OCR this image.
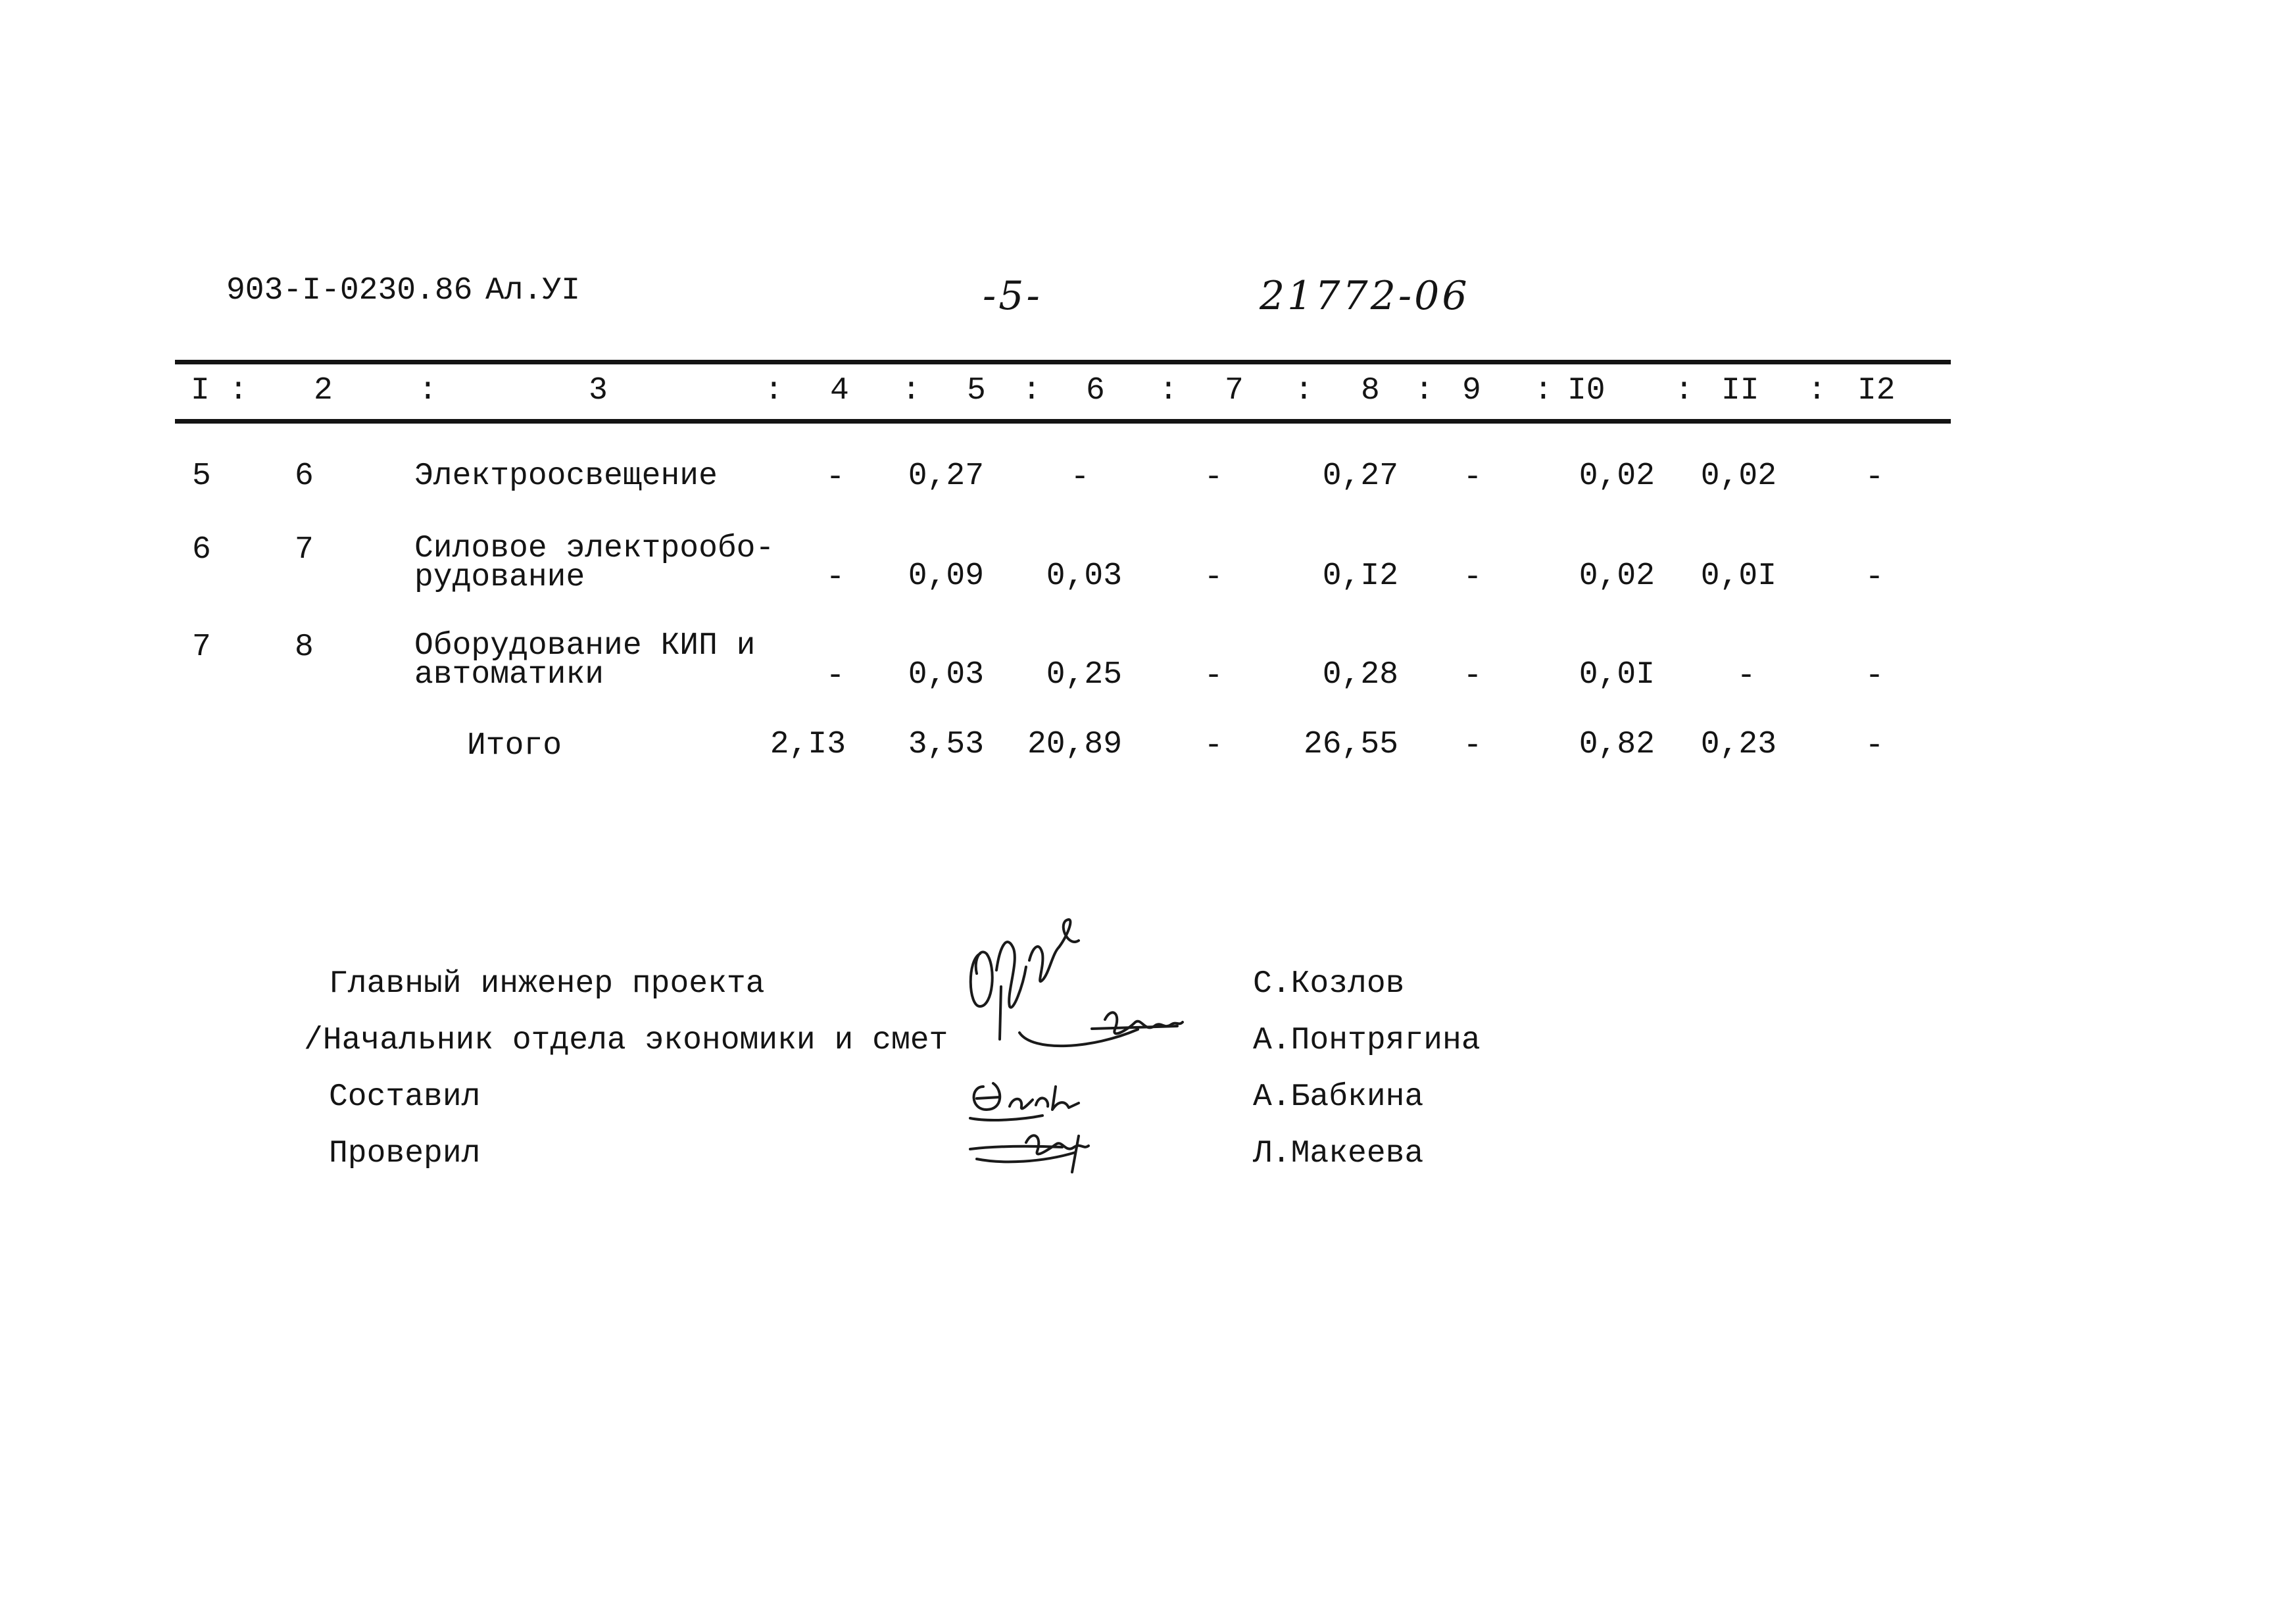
903-I-0230.86 Ал.УI	-5-	21772-06
I : 2	:	3	: 4 : 5 : 6 : 7 : 8 : 9 : I0 : II : I2
5	6	Электроосвещение	-	0,27	-	-	0,27	-	0,02	0,02	-
6	7	Силовое электрообо-
рудование	-	0,09	0,03	-	0,I2	-	0,02	0,0I	-
7	8	Оборудование КИП и
автоматики	-	0,03	0,25	-	0,28	-	0,0I	-	-
Итого	2,I3	3,53	20,89	-	26,55	-	0,82	0,23	-
Главный инженер проекта	С.Козлов
/Начальник отдела экономики и смет	А.Понтрягина
Составил	А.Бабкина
Проверил	Л.Макеева
